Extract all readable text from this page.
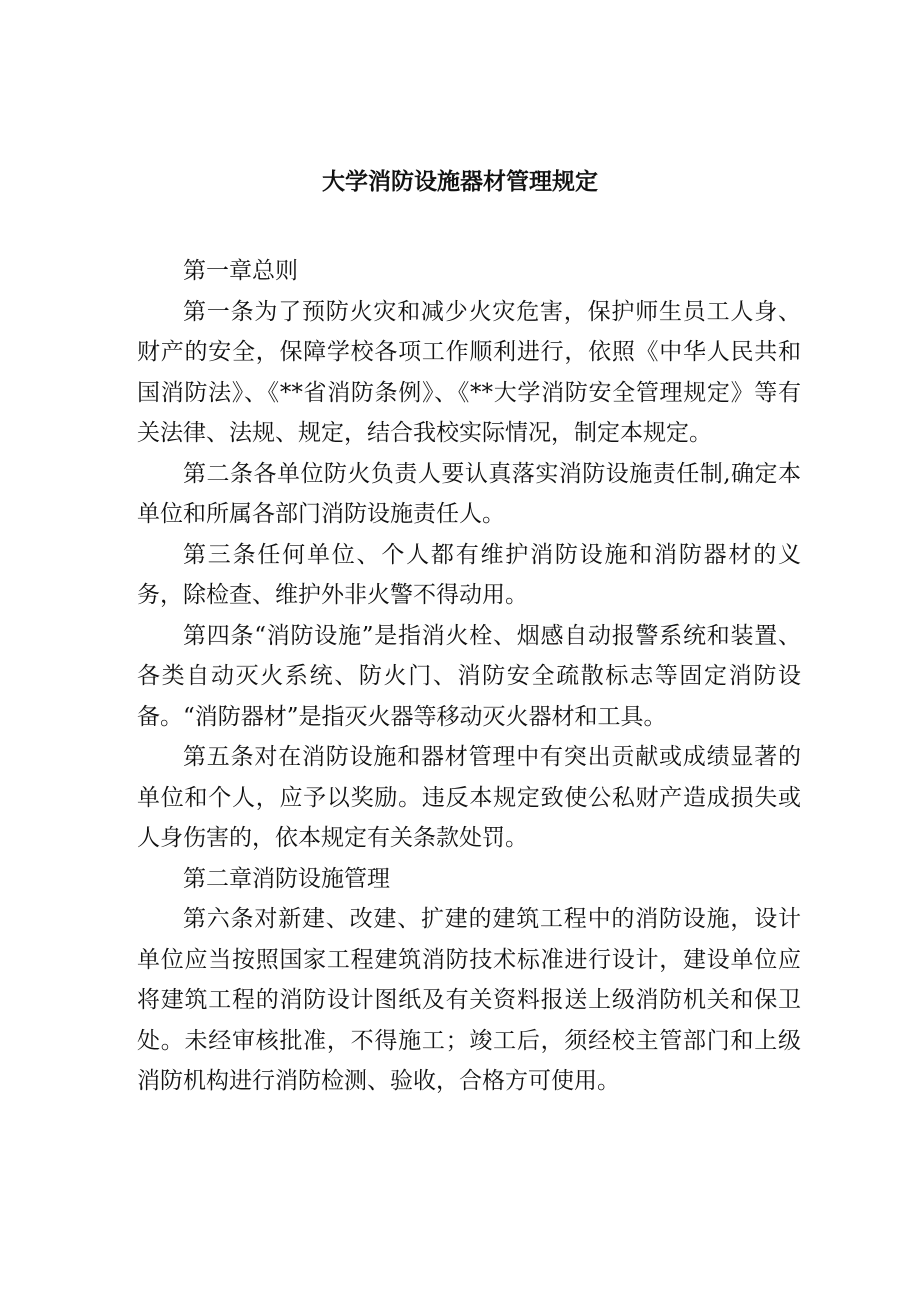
大学消防设施器材管理规定

第一章总则

第一条为了预防火灾和减少火灾危害，保护师生员工人身、财产的安全，保障学校各项工作顺利进行，依照《中华人民共和国消防法》、《**省消防条例》、《**大学消防安全管理规定》等有关法律、法规、规定，结合我校实际情况，制定本规定。

第二条各单位防火负责人要认真落实消防设施责任制,确定本单位和所属各部门消防设施责任人。

第三条任何单位、个人都有维护消防设施和消防器材的义务，除检查、维护外非火警不得动用。

第四条“消防设施”是指消火栓、烟感自动报警系统和装置、各类自动灭火系统、防火门、消防安全疏散标志等固定消防设备。“消防器材”是指灭火器等移动灭火器材和工具。

第五条对在消防设施和器材管理中有突出贡献或成绩显著的单位和个人，应予以奖励。违反本规定致使公私财产造成损失或人身伤害的，依本规定有关条款处罚。

第二章消防设施管理

第六条对新建、改建、扩建的建筑工程中的消防设施，设计单位应当按照国家工程建筑消防技术标准进行设计，建设单位应将建筑工程的消防设计图纸及有关资料报送上级消防机关和保卫处。未经审核批准，不得施工；竣工后，须经校主管部门和上级消防机构进行消防检测、验收，合格方可使用。
